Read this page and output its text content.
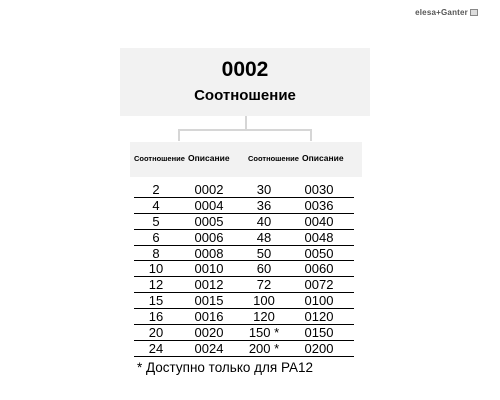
elesa+Ganter
0002
Соотношение
Соотношение Описание Соотношение Описание
2	0002	30	0030
4	0004	36	0036
5	0005	40	0040
6	0006	48	0048
8	0008	50	0050
10	0010	60	0060
12	0012	72	0072
15	0015	100	0100
16	0016	120	0120
20	0020	150 *	0150
24	0024	200 *	0200
* Доступно только для PA12
